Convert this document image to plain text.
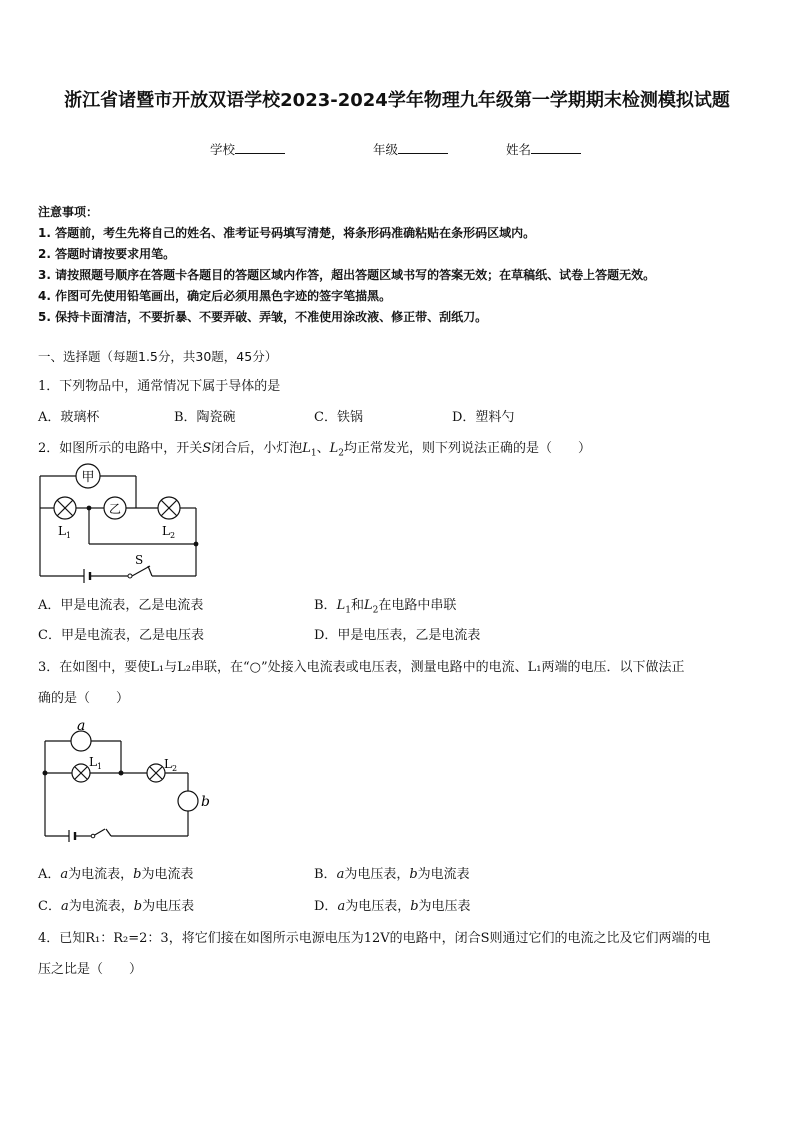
浙江省诸暨市开放双语学校2023-2024学年物理九年级第一学期期末检测模拟试题
学校	年级	姓名
注意事项：
1. 答题前，考生先将自己的姓名、准考证号码填写清楚，将条形码准确粘贴在条形码区域内。
2. 答题时请按要求用笔。
3. 请按照题号顺序在答题卡各题目的答题区域内作答，超出答题区域书写的答案无效；在草稿纸、试卷上答题无效。
4. 作图可先使用铅笔画出，确定后必须用黑色字迹的签字笔描黑。
5. 保持卡面清洁，不要折暴、不要弄破、弄皱，不准使用涂改液、修正带、刮纸刀。
一、选择题（每题1.5分，共30题，45分）
1．下列物品中，通常情况下属于导体的是
A．玻璃杯	B．陶瓷碗	C．铁锅	D．塑料勺
2．如图所示的电路中，开关S闭合后，小灯泡$L_1$、$L_2$均正常发光，则下列说法正确的是（　　）
甲
乙
$L_1$	$L_2$
S
A．甲是电流表，乙是电流表	B．$L_1$和$L_2$在电路中串联
C．甲是电流表，乙是电压表	D．甲是电压表，乙是电流表
3．在如图中，要使L₁与L₂串联，在“○”处接入电流表或电压表，测量电路中的电流、L₁两端的电压．以下做法正
确的是（　　）
a
b
$L_1$	$L_2$
A．a为电流表，b为电流表	B．a为电压表，b为电流表
C．a为电流表，b为电压表	D．a为电压表，b为电压表
4．已知R₁：R₂=2：3，将它们接在如图所示电源电压为12V的电路中，闭合S则通过它们的电流之比及它们两端的电
压之比是（　　）
